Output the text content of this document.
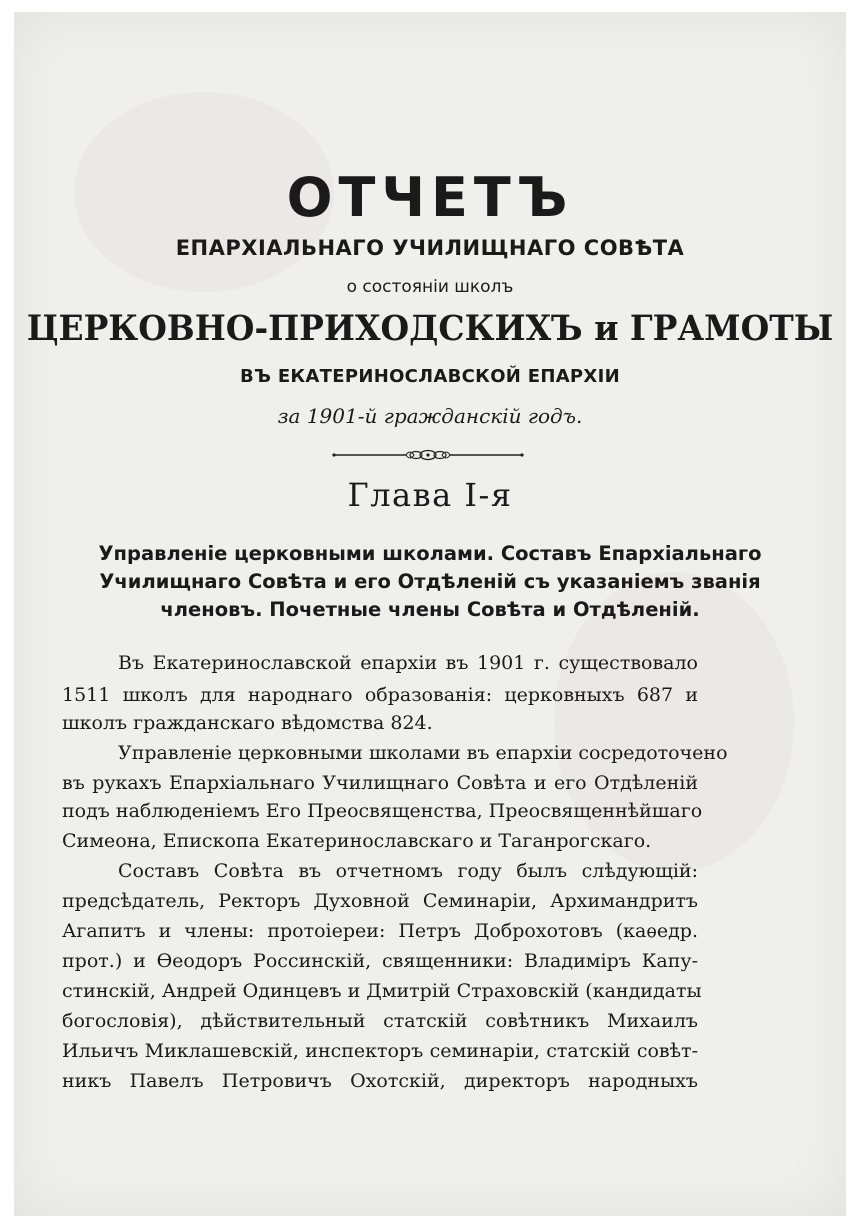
ОТЧЕТЪ
ЕПАРХІАЛЬНАГО УЧИЛИЩНАГО СОВѢТА
о состояніи школъ
ЦЕРКОВНО-ПРИХОДСКИХЪ и ГРАМОТЫ
ВЪ ЕКАТЕРИНОСЛАВСКОЙ ЕПАРХІИ
за 1901-й гражданскій годъ.
Глава I-я
Управленіе церковными школами. Составъ Епархіальнаго
Училищнаго Совѣта и его Отдѣленій съ указаніемъ званія
членовъ. Почетные члены Совѣта и Отдѣленій.
Въ Екатеринославской епархіи въ 1901 г. существовало
1511 школъ для народнаго образованія: церковныхъ 687 и
школъ гражданскаго вѣдомства 824.
Управленіе церковными школами въ епархіи сосредоточено
въ рукахъ Епархіальнаго Училищнаго Совѣта и его Отдѣленій
подъ наблюденіемъ Его Преосвященства, Преосвященнѣйшаго
Симеона, Епископа Екатеринославскаго и Таганрогскаго.
Составъ Совѣта въ отчетномъ году былъ слѣдующій:
предсѣдатель, Ректоръ Духовной Семинаріи, Архимандритъ
Агапитъ и члены: протоіереи: Петръ Доброхотовъ (каѳедр.
прот.) и Ѳеодоръ Россинскій, священники: Владиміръ Капу-
стинскій, Андрей Одинцевъ и Дмитрій Страховскій (кандидаты
богословія), дѣйствительный статскій совѣтникъ Михаилъ
Ильичъ Миклашевскій, инспекторъ семинаріи, статскій совѣт-
никъ Павелъ Петровичъ Охотскій, директоръ народныхъ
